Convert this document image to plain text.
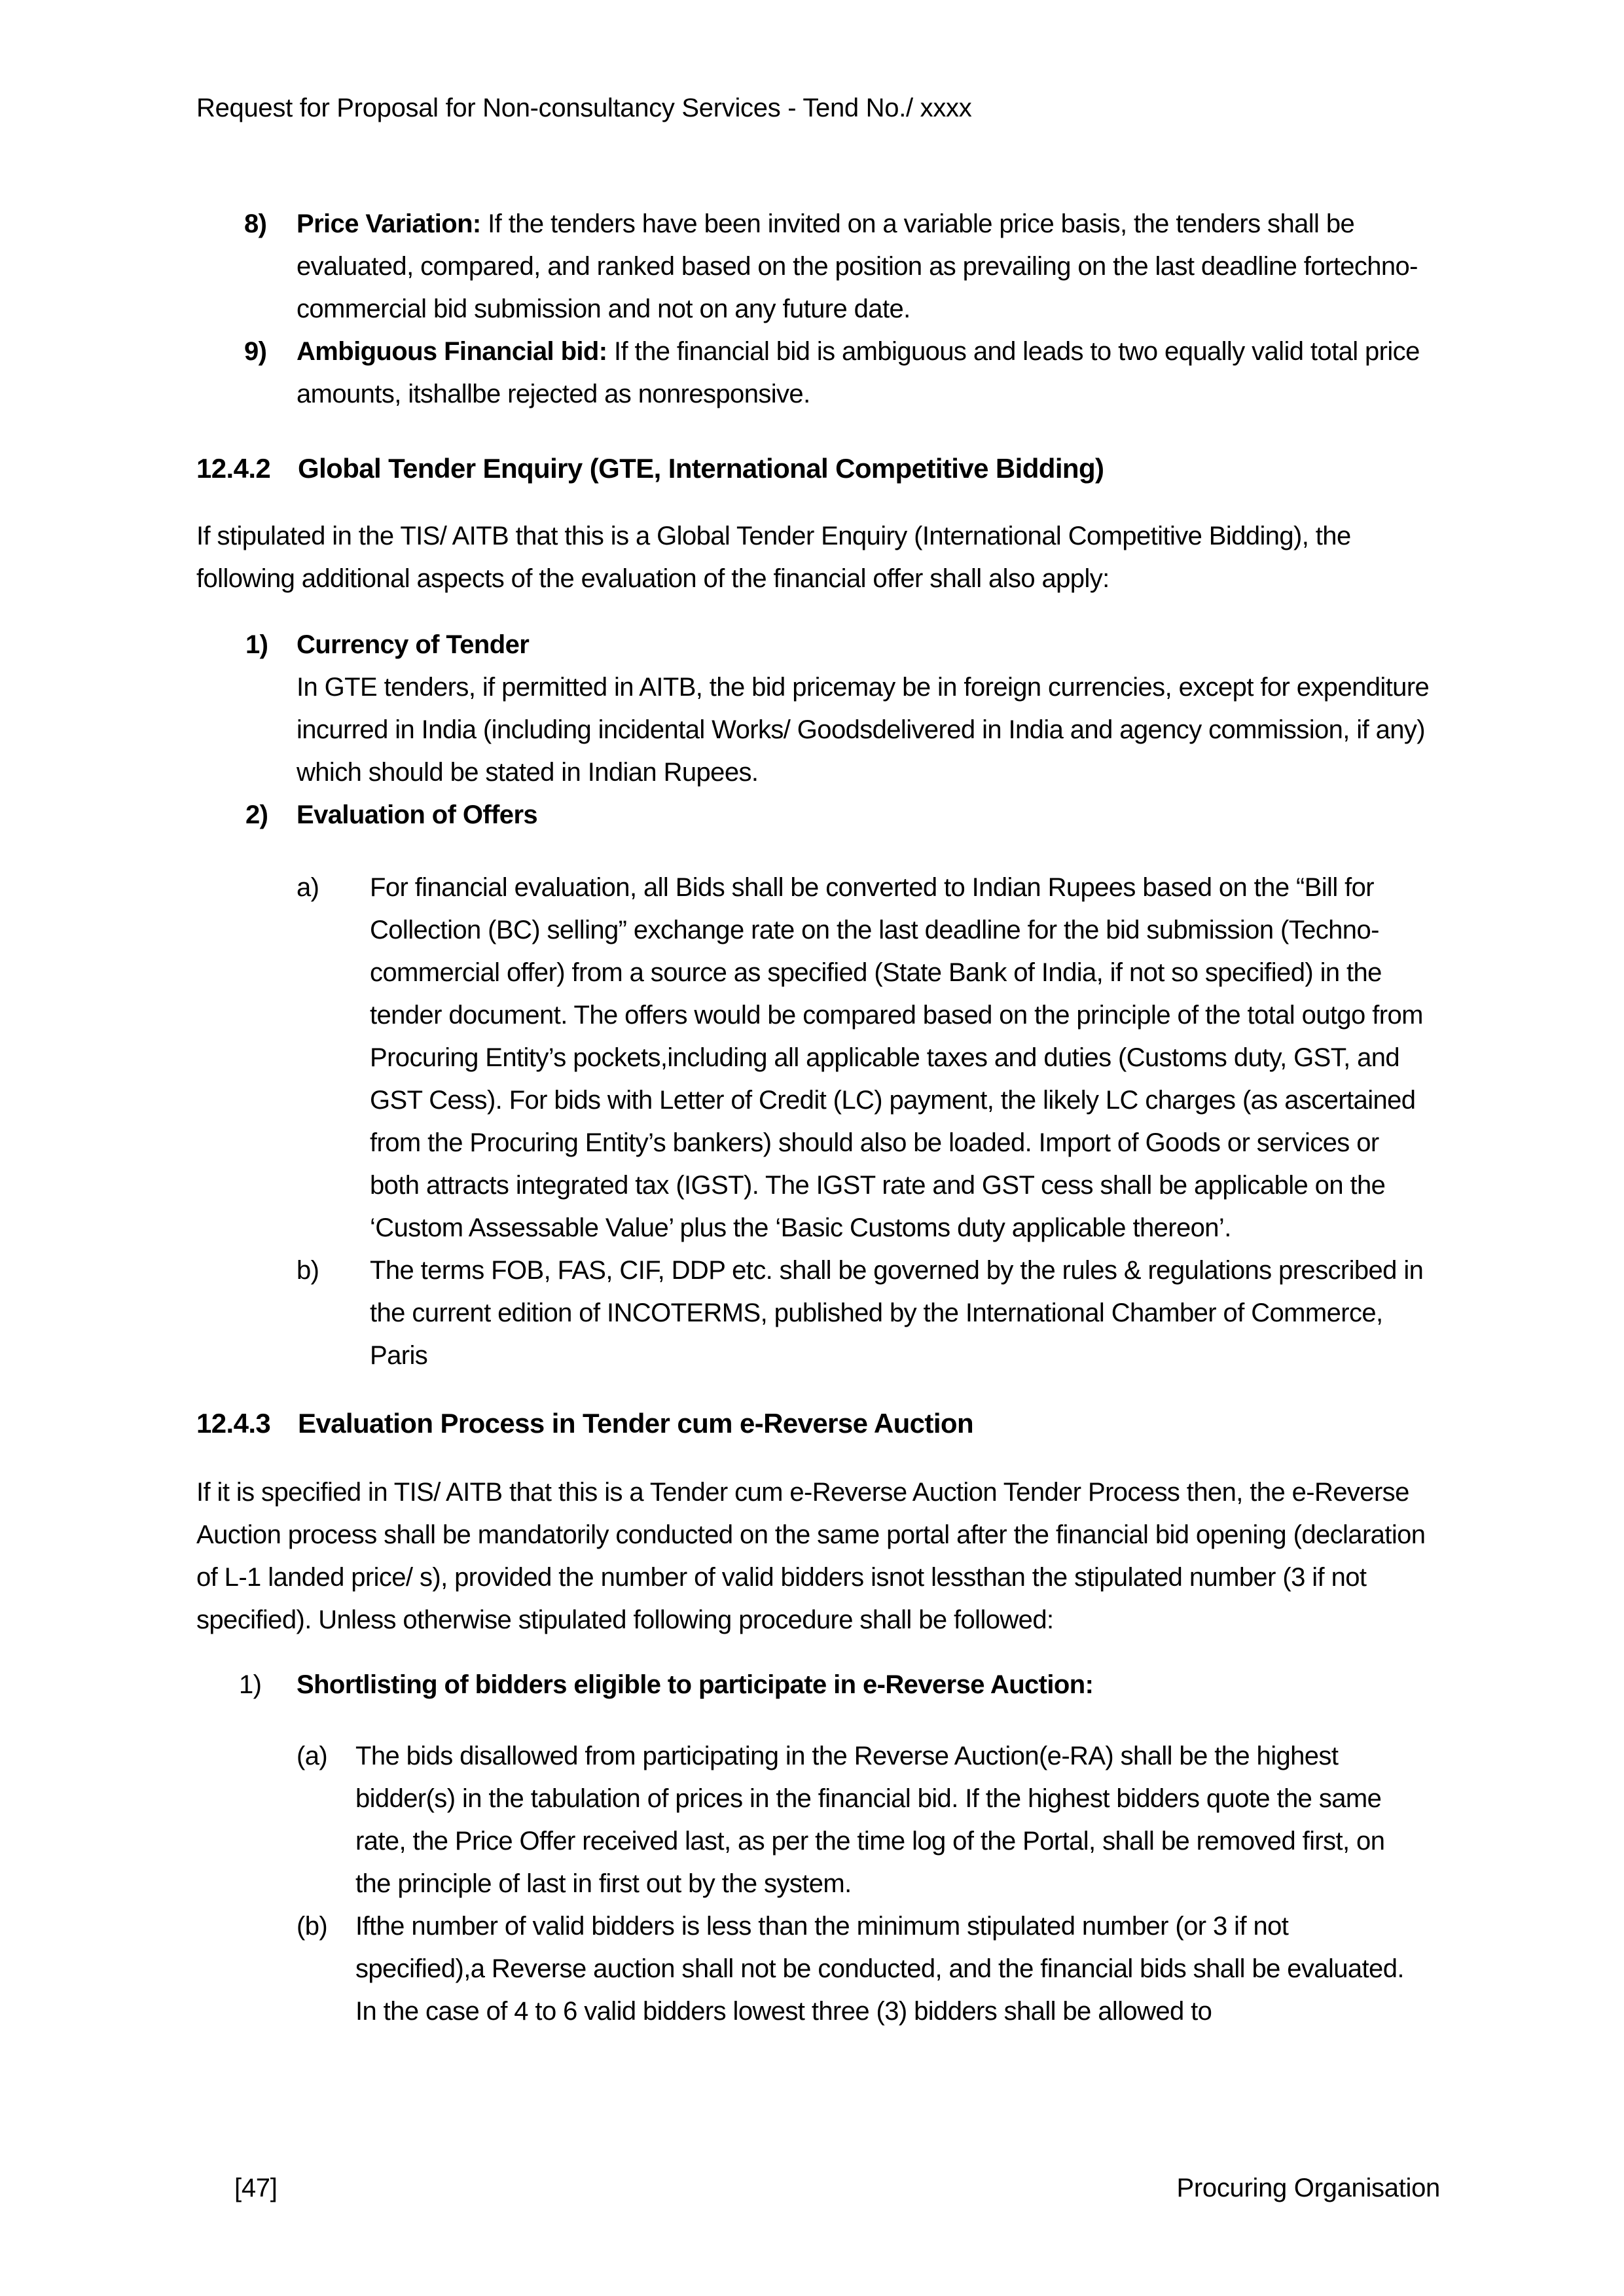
Request for Proposal for Non-consultancy Services - Tend No./ xxxx
8) Price Variation: If the tenders have been invited on a variable price basis, the tenders shall be evaluated, compared, and ranked based on the position as prevailing on the last deadline fortechno-commercial bid submission and not on any future date.
9) Ambiguous Financial bid: If the financial bid is ambiguous and leads to two equally valid total price amounts, itshallbe rejected as nonresponsive.
12.4.2 Global Tender Enquiry (GTE, International Competitive Bidding)
If stipulated in the TIS/ AITB that this is a Global Tender Enquiry (International Competitive Bidding), the following additional aspects of the evaluation of the financial offer shall also apply:
1) Currency of Tender
In GTE tenders, if permitted in AITB, the bid pricemay be in foreign currencies, except for expenditure incurred in India (including incidental Works/ Goodsdelivered in India and agency commission, if any) which should be stated in Indian Rupees.
2) Evaluation of Offers
a) For financial evaluation, all Bids shall be converted to Indian Rupees based on the “Bill for Collection (BC) selling” exchange rate on the last deadline for the bid submission (Techno-commercial offer) from a source as specified (State Bank of India, if not so specified) in the tender document. The offers would be compared based on the principle of the total outgo from Procuring Entity’s pockets,including all applicable taxes and duties (Customs duty, GST, and GST Cess). For bids with Letter of Credit (LC) payment, the likely LC charges (as ascertained from the Procuring Entity’s bankers) should also be loaded. Import of Goods or services or both attracts integrated tax (IGST). The IGST rate and GST cess shall be applicable on the ‘Custom Assessable Value’ plus the ‘Basic Customs duty applicable thereon’.
b) The terms FOB, FAS, CIF, DDP etc. shall be governed by the rules & regulations prescribed in the current edition of INCOTERMS, published by the International Chamber of Commerce, Paris
12.4.3 Evaluation Process in Tender cum e-Reverse Auction
If it is specified in TIS/ AITB that this is a Tender cum e-Reverse Auction Tender Process then, the e-Reverse Auction process shall be mandatorily conducted on the same portal after the financial bid opening (declaration of L-1 landed price/ s), provided the number of valid bidders isnot lessthan the stipulated number (3 if not specified). Unless otherwise stipulated following procedure shall be followed:
1) Shortlisting of bidders eligible to participate in e-Reverse Auction:
(a) The bids disallowed from participating in the Reverse Auction(e-RA) shall be the highest bidder(s) in the tabulation of prices in the financial bid. If the highest bidders quote the same rate, the Price Offer received last, as per the time log of the Portal, shall be removed first, on the principle of last in first out by the system.
(b) Ifthe number of valid bidders is less than the minimum stipulated number (or 3 if not specified),a Reverse auction shall not be conducted, and the financial bids shall be evaluated. In the case of 4 to 6 valid bidders lowest three (3) bidders shall be allowed to
[47]	Procuring Organisation
